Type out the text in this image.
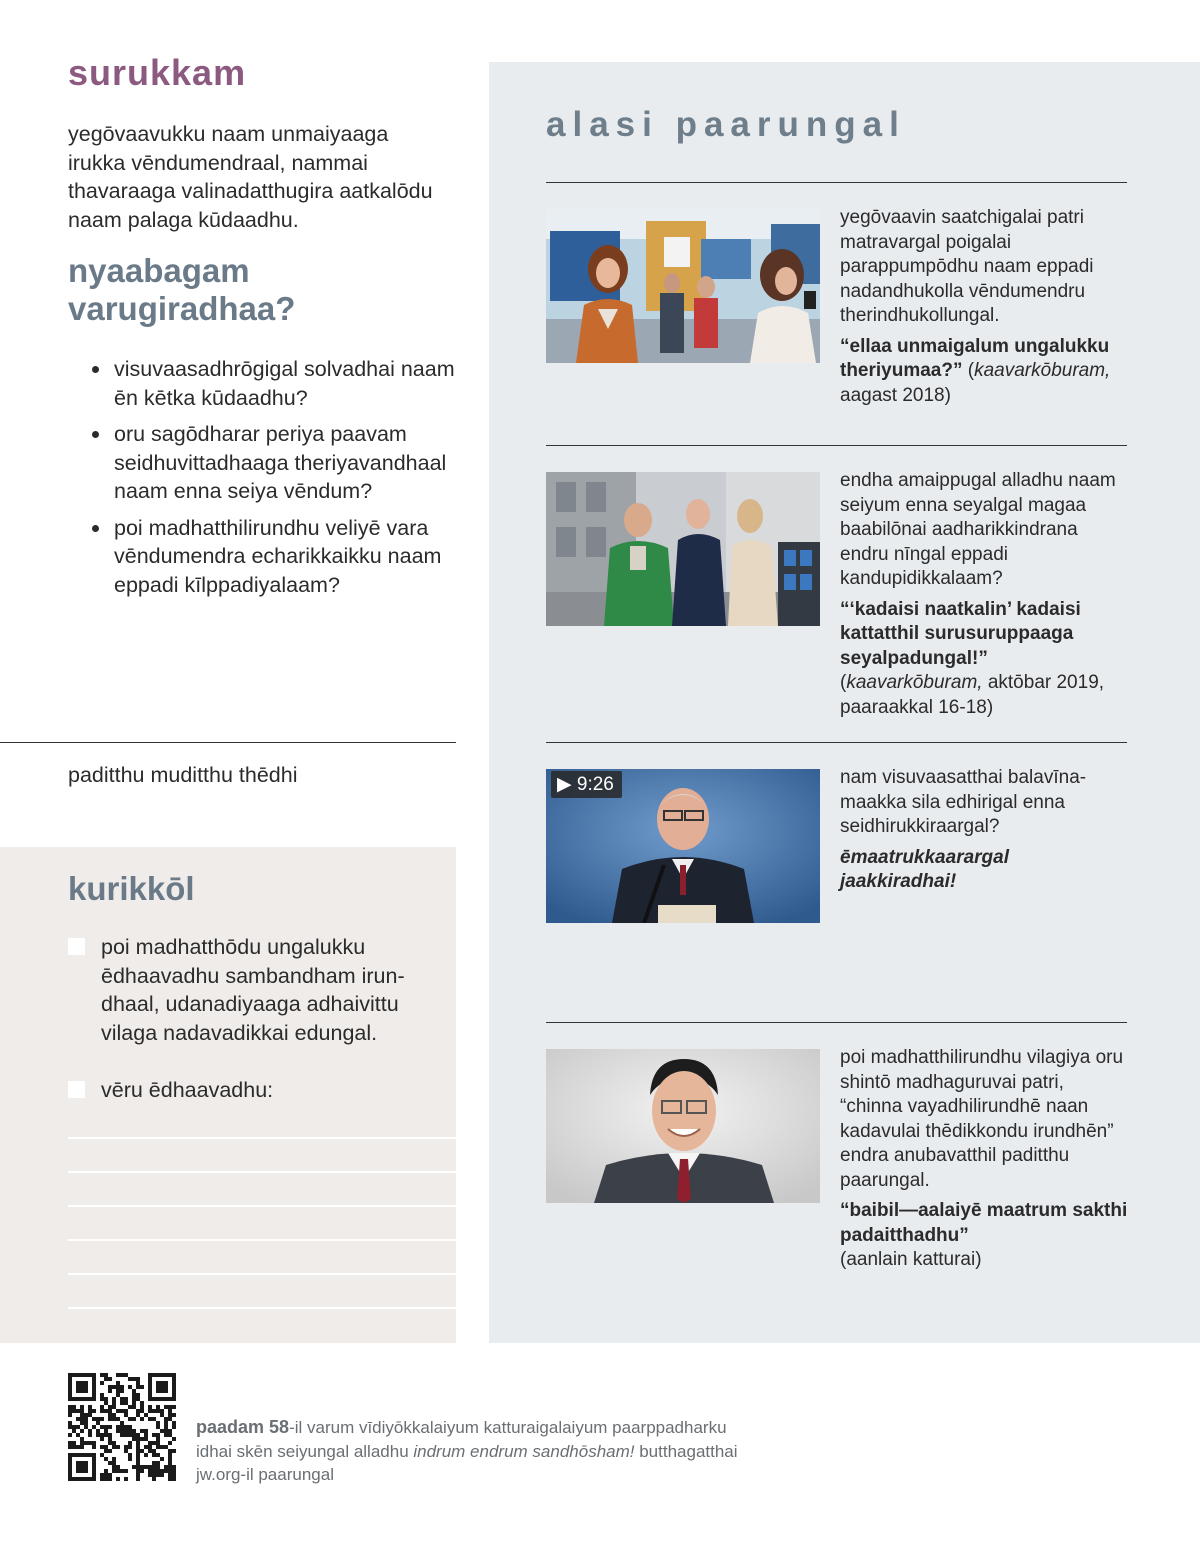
surukkam

yegōvaavukku naam unmaiyaaga irukka vēndumendraal, nammai thavaraaga valinadatthugira aatkalōdu naam palaga kūdaadhu.

nyaabagam varugiradhaa?
visuvaasadhrōgigal solvadhai naam ēn kētka kūdaadhu?
oru sagōdharar periya paavam seidhuvittadhaaga theriyavandhaal naam enna seiya vēndum?
poi madhatthilirundhu veliyē vara vēndumendra echarikkaikku naam eppadi kīlppadiyalaam?

paditthu muditthu thēdhi

kurikkōl
poi madhatthōdu ungalukku ēdhaavadhu sambandham irundhaal, udanadiyaaga adhaivittu vilaga nadavadikkai edungal.
vēru ēdhaavadhu:
alasi paarungal
yegōvaavin saatchigalai patri matravargal poigalai parappumpōdhu naam eppadi nadandhukolla vēndumendru therindhukollungal.
“ellaa unmaigalum ungalukku theriyumaa?” (kaavarkōburam, aagast 2018)
endha amaippugal alladhu naam seiyum enna seyalgal magaa baabilōnai aadharikkindrana endru nīngal eppadi kandupidikkalaam?
“‘kadaisi naatkalin’ kadaisi kattatthil surusuruppaaga seyalpadungal!”
(kaavarkōburam, aktōbar 2019, paaraakkal 16-18)
▶ 9:26	nam visuvaasatthai balavīnamaakka sila edhirigal enna seidhirukkiraargal?
ēmaatrukkaarargal jaakkiradhai!
poi madhatthilirundhu vilagiya oru shintō madhaguruvai patri, “chinna vayadhilirundhē naan kadavulai thēdikkondu irundhēn” endra anubavatthil paditthu paarungal.
“baibil—aalaiyē maatrum sakthi padaitthadhu”
(aanlain katturai)
paadam 58-il varum vīdiyōkkalaiyum katturaigalaiyum paarppadharku
idhai skēn seiyungal alladhu indrum endrum sandhōsham! butthagatthai
jw.org-il paarungal
